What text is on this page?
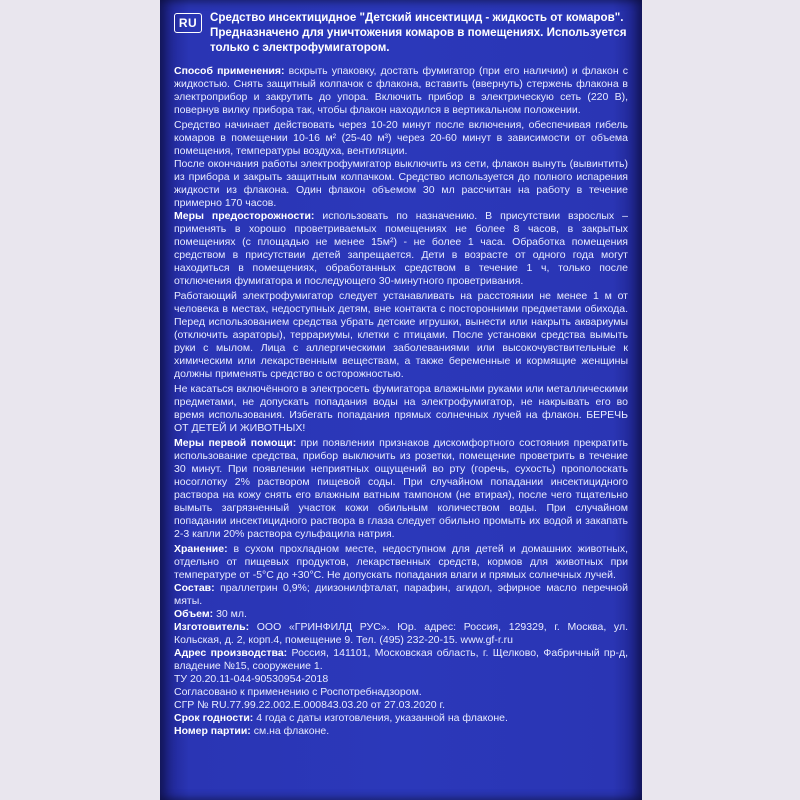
RU	Средство инсектицидное "Детский инсектицид - жидкость от комаров". Предназначено для уничтожения комаров в помещениях. Используется только с электрофумигатором.

Способ применения: вскрыть упаковку, достать фумигатор (при его наличии) и флакон с жидкостью. Снять защитный колпачок с флакона, вставить (ввернуть) стержень флакона в электроприбор и закрутить до упора. Включить прибор в электрическую сеть (220 В), повернув вилку прибора так, чтобы флакон находился в вертикальном положении.

Средство начинает действовать через 10-20 минут после включения, обеспечивая гибель комаров в помещении 10-16 м² (25-40 м³) через 20-60 минут в зависимости от объема помещения, температуры воздуха, вентиляции.

После окончания работы электрофумигатор выключить из сети, флакон вынуть (вывинтить) из прибора и закрыть защитным колпачком. Средство используется до полного испарения жидкости из флакона. Один флакон объемом 30 мл рассчитан на работу в течение примерно 170 часов.

Меры предосторожности: использовать по назначению. В присутствии взрослых – применять в хорошо проветриваемых помещениях не более 8 часов, в закрытых помещениях (с площадью не менее 15м²) - не более 1 часа. Обработка помещения средством в присутствии детей запрещается. Дети в возрасте от одного года могут находиться в помещениях, обработанных средством в течение 1 ч, только после отключения фумигатора и последующего 30-минутного проветривания.

Работающий электрофумигатор следует устанавливать на расстоянии не менее 1 м от человека в местах, недоступных детям, вне контакта с посторонними предметами обихода. Перед использованием средства убрать детские игрушки, вынести или накрыть аквариумы (отключить аэраторы), террариумы, клетки с птицами. После установки средства вымыть руки с мылом. Лица с аллергическими заболеваниями или высокочувствительные к химическим или лекарственным веществам, а также беременные и кормящие женщины должны применять средство с осторожностью.

Не касаться включённого в электросеть фумигатора влажными руками или металлическими предметами, не допускать попадания воды на электрофумигатор, не накрывать его во время использования. Избегать попадания прямых солнечных лучей на флакон. БЕРЕЧЬ ОТ ДЕТЕЙ И ЖИВОТНЫХ!

Меры первой помощи: при появлении признаков дискомфортного состояния прекратить использование средства, прибор выключить из розетки, помещение проветрить в течение 30 минут. При появлении неприятных ощущений во рту (горечь, сухость) прополоскать носоглотку 2% раствором пищевой соды. При случайном попадании инсектицидного раствора на кожу снять его влажным ватным тампоном (не втирая), после чего тщательно вымыть загрязненный участок кожи обильным количеством воды. При случайном попадании инсектицидного раствора в глаза следует обильно промыть их водой и закапать 2-3 капли 20% раствора сульфацила натрия.

Хранение: в сухом прохладном месте, недоступном для детей и домашних животных, отдельно от пищевых продуктов, лекарственных средств, кормов для животных при температуре от -5°С до +30°С. Не допускать попадания влаги и прямых солнечных лучей.

Состав: праллетрин 0,9%; диизонилфталат, парафин, агидол, эфирное масло перечной мяты.

Объем: 30 мл.

Изготовитель: ООО «ГРИНФИЛД РУС». Юр. адрес: Россия, 129329, г. Москва, ул. Кольская, д. 2, корп.4, помещение 9. Тел. (495) 232-20-15. www.gf-r.ru

Адрес производства: Россия, 141101, Московская область, г. Щелково, Фабричный пр-д, владение №15, сооружение 1.

ТУ 20.20.11-044-90530954-2018

Согласовано к применению с Роспотребнадзором.

СГР № RU.77.99.22.002.Е.000843.03.20 от 27.03.2020 г.

Срок годности: 4 года с даты изготовления, указанной на флаконе.

Номер партии: см.на флаконе.
